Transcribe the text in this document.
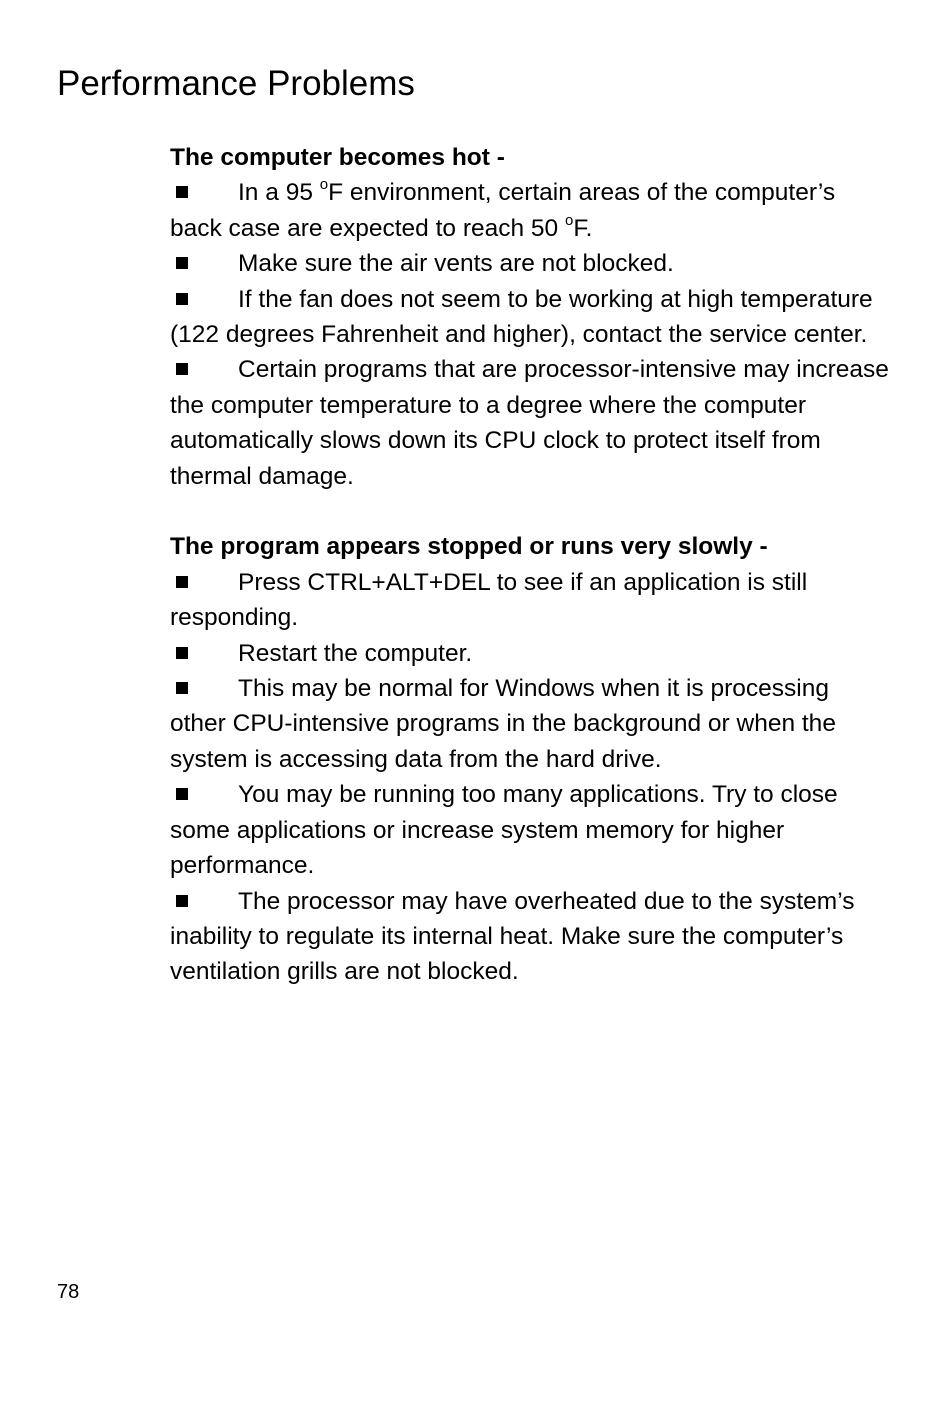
Performance Problems

The computer becomes hot -

In a 95 $^o$F environment, certain areas of the computer’s back case are expected to reach 50 $^o$F.

Make sure the air vents are not blocked.

If the fan does not seem to be working at high temperature (122 degrees Fahrenheit and higher), contact the service center.

Certain programs that are processor-intensive may increase the computer temperature to a degree where the computer automatically slows down its CPU clock to protect itself from thermal damage.

The program appears stopped or runs very slowly -

Press CTRL+ALT+DEL to see if an application is still responding.

Restart the computer.

This may be normal for Windows when it is processing other CPU-intensive programs in the background or when the system is accessing data from the hard drive.

You may be running too many applications. Try to close some applications or increase system memory for higher performance.

The processor may have overheated due to the system’s inability to regulate its internal heat. Make sure the computer’s ventilation grills are not blocked.

78
